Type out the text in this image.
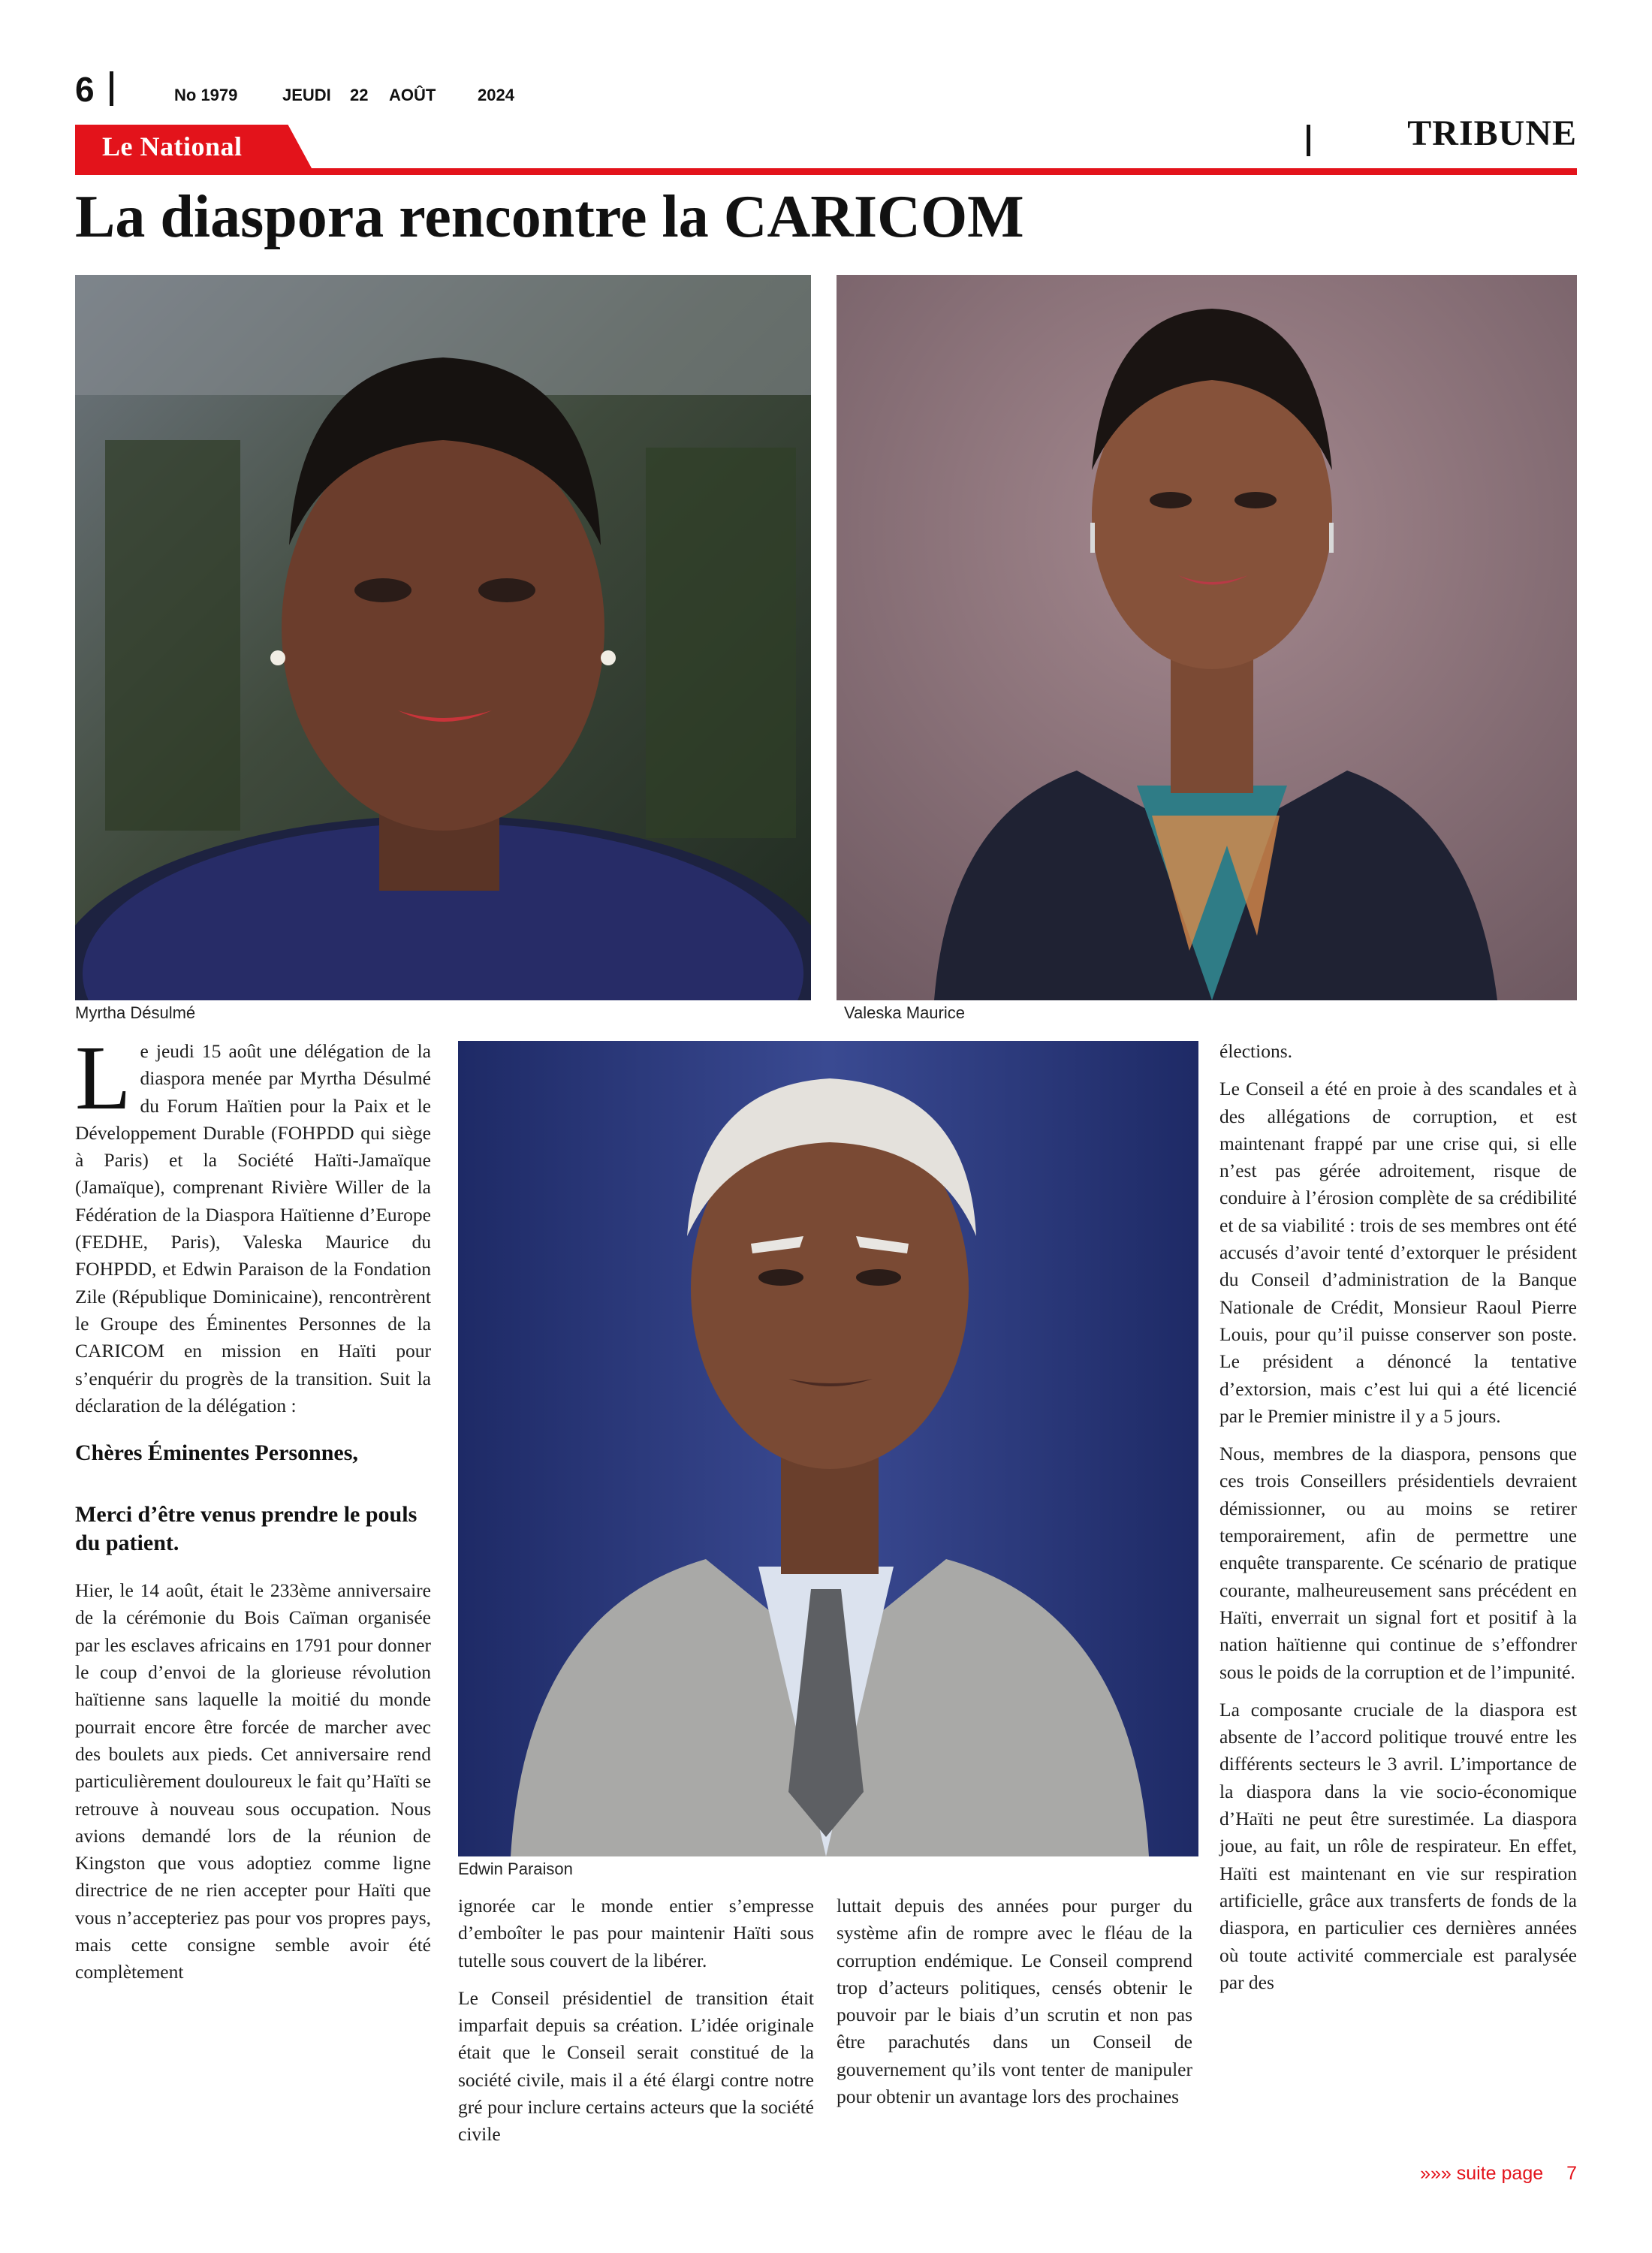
6	No 1979	JEUDI 22 AOÛT	2024
Le National	TRIBUNE
La diaspora rencontre la CARICOM
Myrtha Désulmé	Valeska Maurice
Edwin Paraison

Le jeudi 15 août une délégation de la diaspora menée par Myrtha Désulmé du Forum Haïtien pour la Paix et le Développement Durable (FOHPDD qui siège à Paris) et la Société Haïti-Jamaïque (Jamaïque), comprenant Rivière Willer de la Fédération de la Diaspora Haïtienne d’Europe (FEDHE, Paris), Valeska Maurice du FOHPDD, et Edwin Paraison de la Fondation Zile (République Dominicaine), rencontrèrent le Groupe des Éminentes Personnes de la CARICOM en mission en Haïti pour s’enquérir du progrès de la transition. Suit la déclaration de la délégation :

Chères Éminentes Personnes,
Merci d’être venus prendre le pouls du patient.

Hier, le 14 août, était le 233ème anniversaire de la cérémonie du Bois Caïman organisée par les esclaves africains en 1791 pour donner le coup d’envoi de la glorieuse révolution haïtienne sans laquelle la moitié du monde pourrait encore être forcée de marcher avec des boulets aux pieds. Cet anniversaire rend particulièrement douloureux le fait qu’Haïti se retrouve à nouveau sous occupation. Nous avions demandé lors de la réunion de Kingston que vous adoptiez comme ligne directrice de ne rien accepter pour Haïti que vous n’accepteriez pas pour vos propres pays, mais cette consigne semble avoir été complètement

ignorée car le monde entier s’empresse d’emboîter le pas pour maintenir Haïti sous tutelle sous couvert de la libérer.

Le Conseil présidentiel de transition était imparfait depuis sa création. L’idée originale était que le Conseil serait constitué de la société civile, mais il a été élargi contre notre gré pour inclure certains acteurs que la société civile

luttait depuis des années pour purger du système afin de rompre avec le fléau de la corruption endémique. Le Conseil comprend trop d’acteurs politiques, censés obtenir le pouvoir par le biais d’un scrutin et non pas être parachutés dans un Conseil de gouvernement qu’ils vont tenter de manipuler pour obtenir un avantage lors des prochaines

élections.

Le Conseil a été en proie à des scandales et à des allégations de corruption, et est maintenant frappé par une crise qui, si elle n’est pas gérée adroitement, risque de conduire à l’érosion complète de sa crédibilité et de sa viabilité : trois de ses membres ont été accusés d’avoir tenté d’extorquer le président du Conseil d’administration de la Banque Nationale de Crédit, Monsieur Raoul Pierre Louis, pour qu’il puisse conserver son poste. Le président a dénoncé la tentative d’extorsion, mais c’est lui qui a été licencié par le Premier ministre il y a 5 jours.

Nous, membres de la diaspora, pensons que ces trois Conseillers présidentiels devraient démissionner, ou au moins se retirer temporairement, afin de permettre une enquête transparente. Ce scénario de pratique courante, malheureusement sans précédent en Haïti, enverrait un signal fort et positif à la nation haïtienne qui continue de s’effondrer sous le poids de la corruption et de l’impunité.

La composante cruciale de la diaspora est absente de l’accord politique trouvé entre les différents secteurs le 3 avril. L’importance de la diaspora dans la vie socio-économique d’Haïti ne peut être surestimée. La diaspora joue, au fait, un rôle de respirateur. En effet, Haïti est maintenant en vie sur respiration artificielle, grâce aux transferts de fonds de la diaspora, en particulier ces dernières années où toute activité commerciale est paralysée par des

»»» suite page 7
